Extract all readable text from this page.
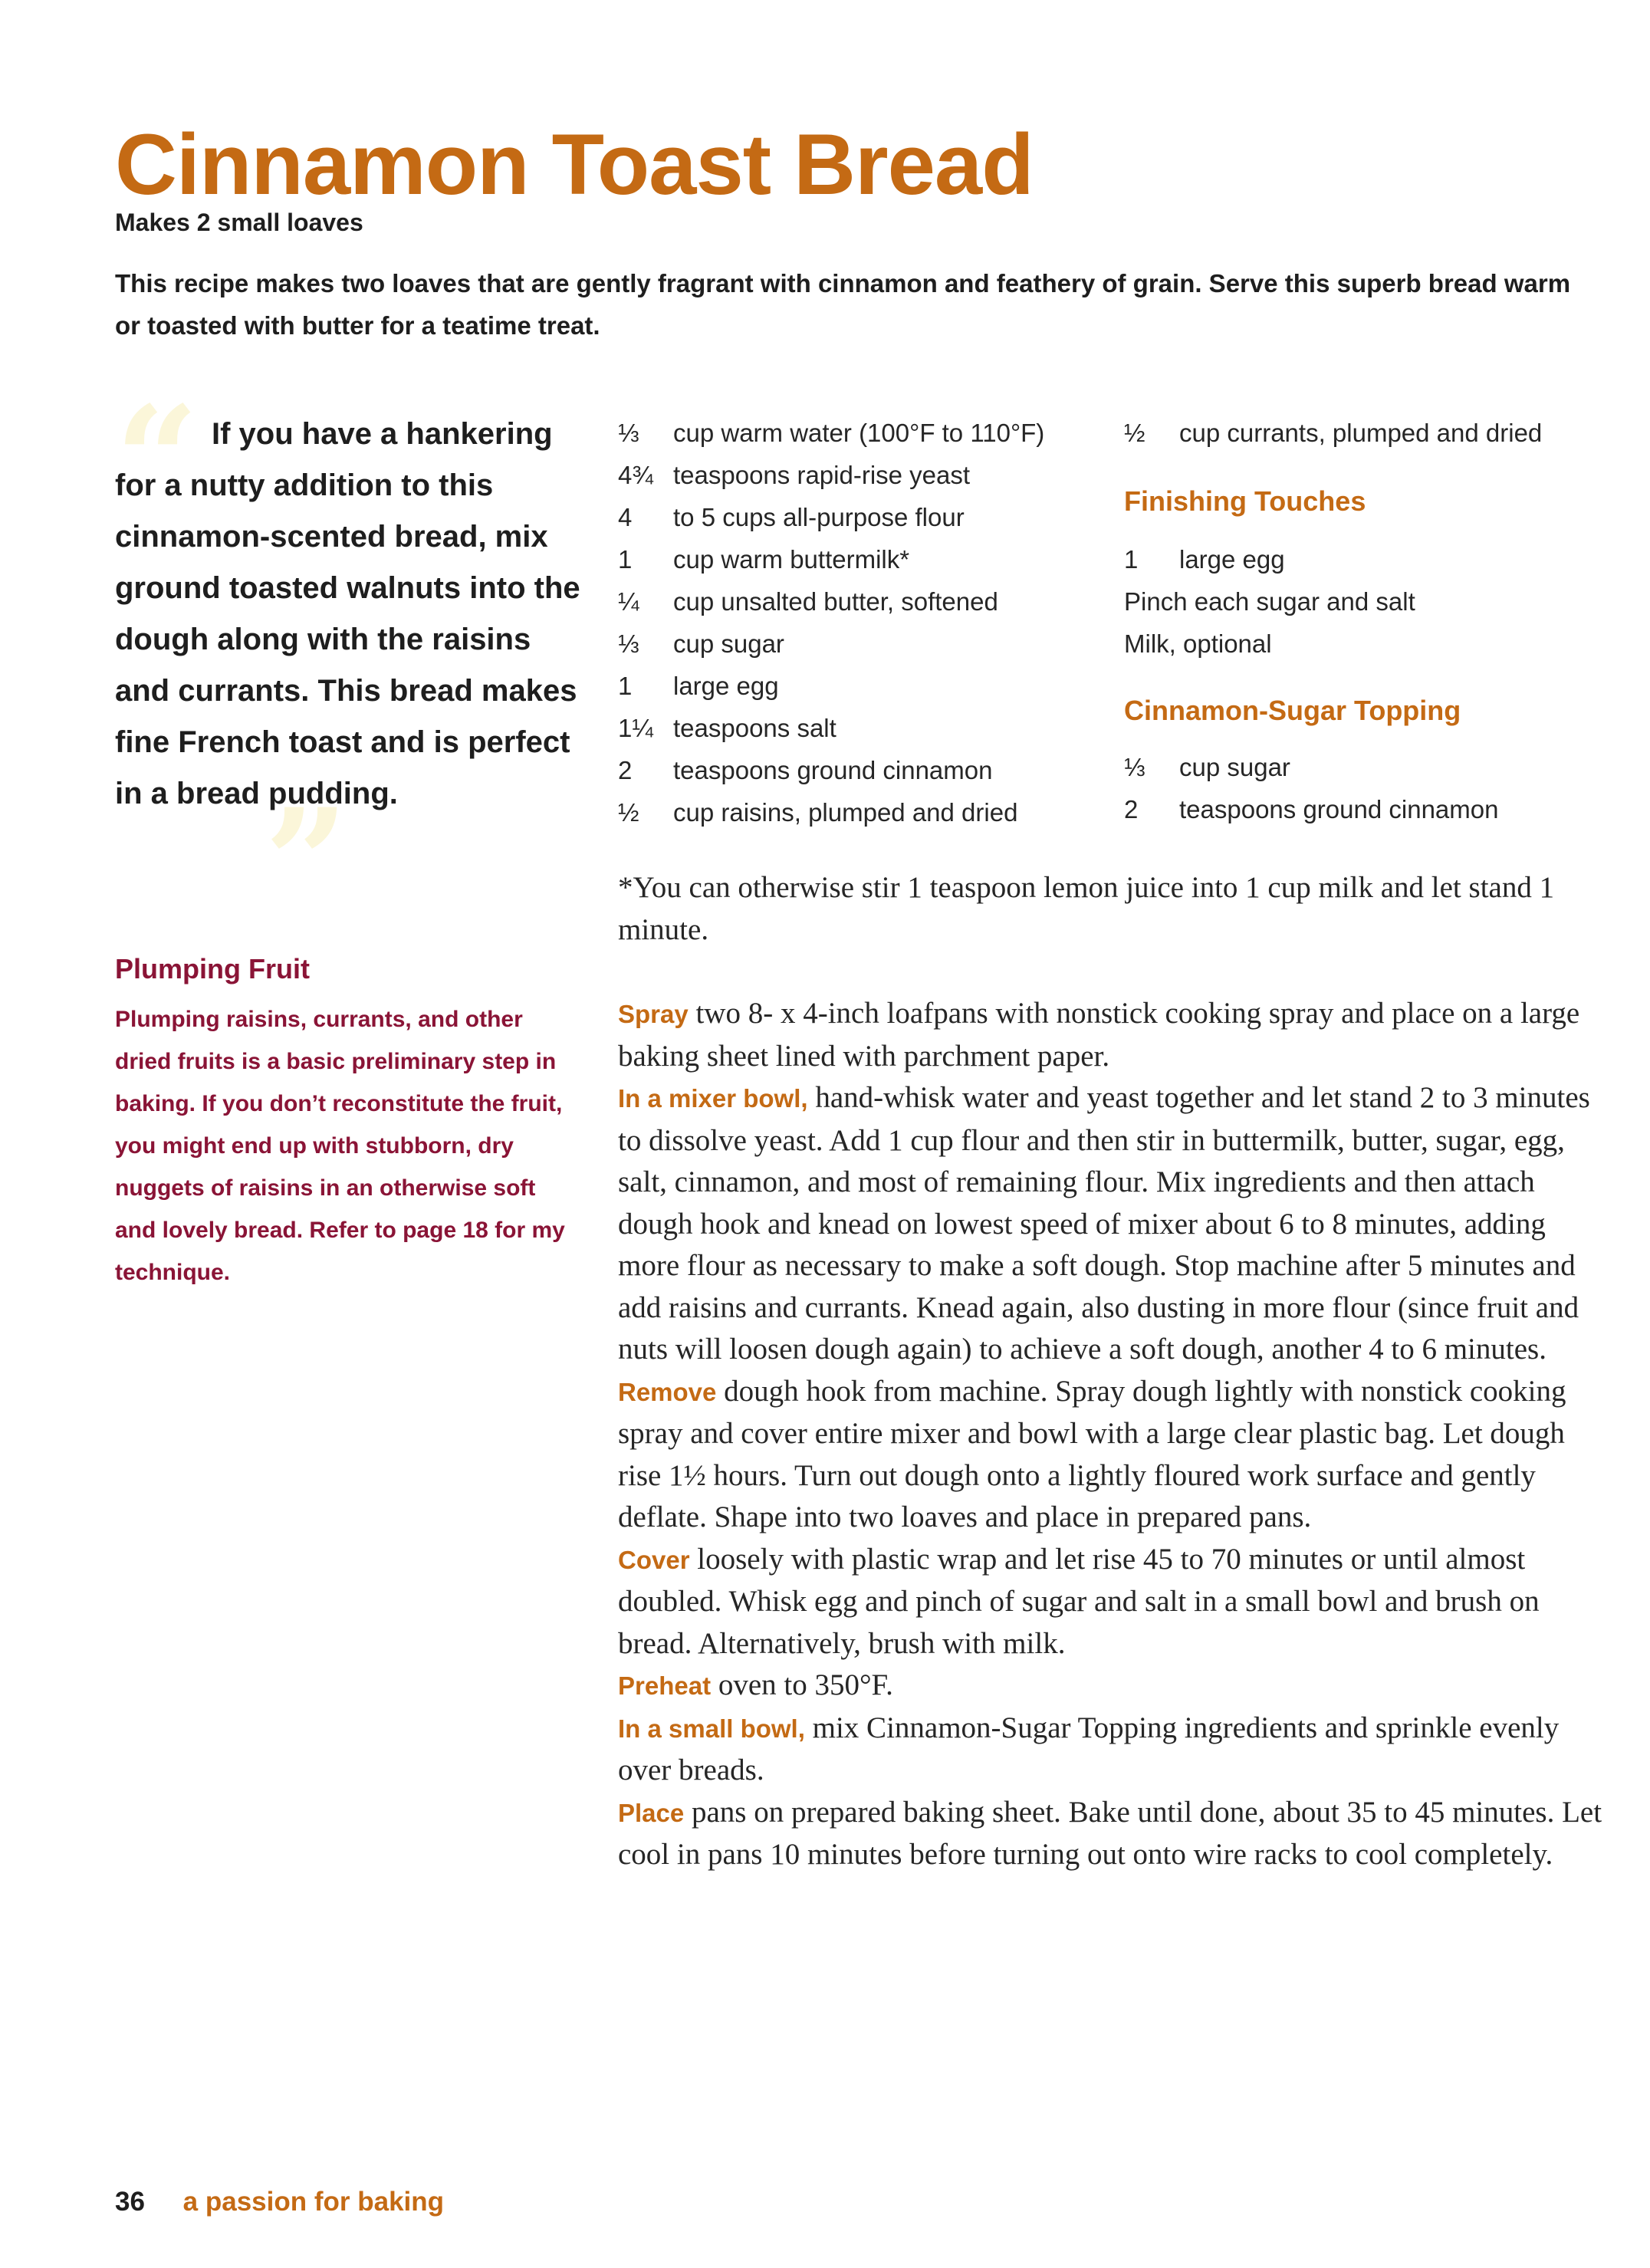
Cinnamon Toast Bread
Makes 2 small loaves

This recipe makes two loaves that are gently fragrant with cinnamon and feathery of grain. Serve this superb bread warm or toasted with butter for a teatime treat.

“ If you have a hankering for a nutty addition to this cinnamon-scented bread, mix ground toasted walnuts into the dough along with the raisins and currants. This bread makes fine French toast and is perfect in a bread pudding.

”
Plumping Fruit

Plumping raisins, currants, and other dried fruits is a basic preliminary step in baking. If you don’t reconstitute the fruit, you might end up with stubborn, dry nuggets of raisins in an otherwise soft and lovely bread. Refer to page 18 for my technique.

⅓ cup warm water (100°F to 110°F)
4¾ teaspoons rapid-rise yeast
4 to 5 cups all-purpose flour
1 cup warm buttermilk*
¼ cup unsalted butter, softened
⅓ cup sugar
1 large egg
1¼ teaspoons salt
2 teaspoons ground cinnamon
½ cup raisins, plumped and dried
½ cup currants, plumped and dried
Finishing Touches
1 large egg
Pinch each sugar and salt
Milk, optional
Cinnamon-Sugar Topping
⅓ cup sugar
2 teaspoons ground cinnamon

*You can otherwise stir 1 teaspoon lemon juice into 1 cup milk and let stand 1 minute.

Spray two 8- x 4-inch loafpans with nonstick cooking spray and place on a large baking sheet lined with parchment paper.

In a mixer bowl, hand-whisk water and yeast together and let stand 2 to 3 minutes to dissolve yeast. Add 1 cup flour and then stir in buttermilk, butter, sugar, egg, salt, cinnamon, and most of remaining flour. Mix ingredients and then attach dough hook and knead on lowest speed of mixer about 6 to 8 minutes, adding more flour as necessary to make a soft dough. Stop machine after 5 minutes and add raisins and currants. Knead again, also dusting in more flour (since fruit and nuts will loosen dough again) to achieve a soft dough, another 4 to 6 minutes.

Remove dough hook from machine. Spray dough lightly with nonstick cooking spray and cover entire mixer and bowl with a large clear plastic bag. Let dough rise 1½ hours. Turn out dough onto a lightly floured work surface and gently deflate. Shape into two loaves and place in prepared pans.

Cover loosely with plastic wrap and let rise 45 to 70 minutes or until almost doubled. Whisk egg and pinch of sugar and salt in a small bowl and brush on bread. Alternatively, brush with milk.

Preheat oven to 350°F.

In a small bowl, mix Cinnamon-Sugar Topping ingredients and sprinkle evenly over breads.

Place pans on prepared baking sheet. Bake until done, about 35 to 45 minutes. Let cool in pans 10 minutes before turning out onto wire racks to cool completely.

36 a passion for baking
